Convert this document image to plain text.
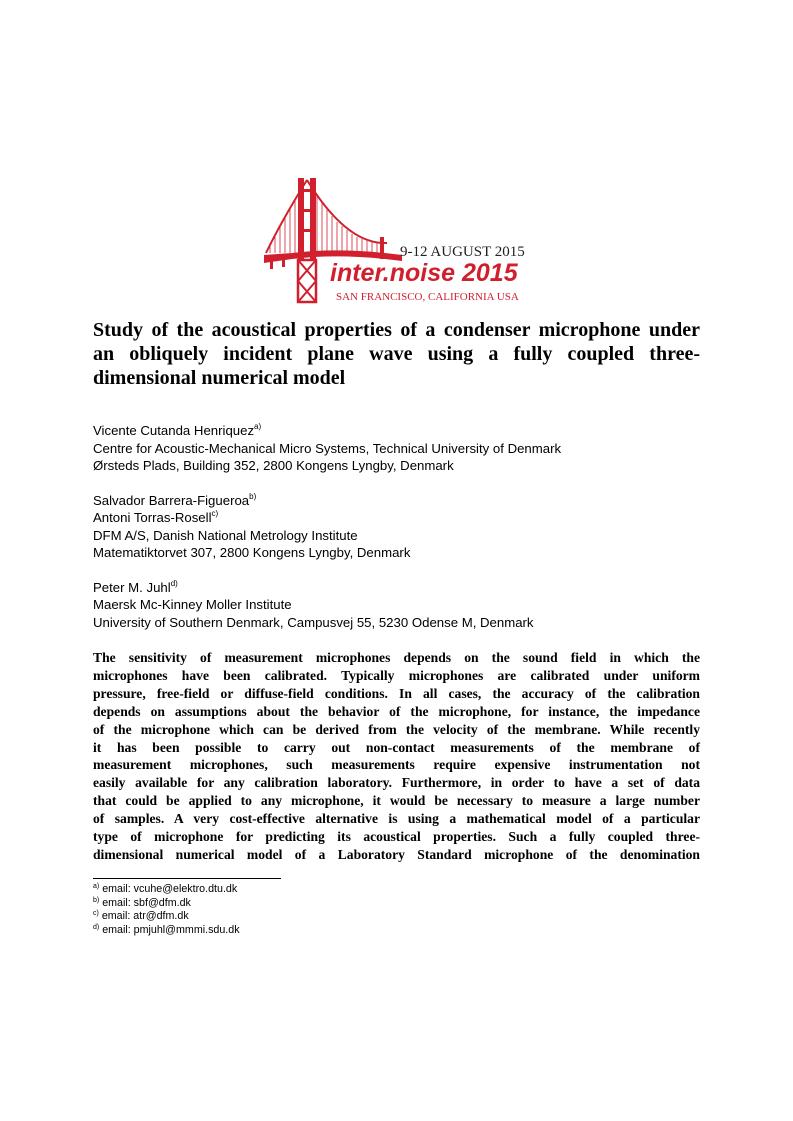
9-12 AUGUST 2015
inter.noise 2015
SAN FRANCISCO, CALIFORNIA USA

Study of the acoustical properties of a condenser microphone under

an obliquely incident plane wave using a fully coupled three-

dimensional numerical model

Vicente Cutanda Henriquez$^{a)}$
Centre for Acoustic-Mechanical Micro Systems, Technical University of Denmark
Ørsteds Plads, Building 352, 2800 Kongens Lyngby, Denmark
Salvador Barrera-Figueroa$^{b)}$
Antoni Torras-Rosell$^{c)}$
DFM A/S, Danish National Metrology Institute
Matematiktorvet 307, 2800 Kongens Lyngby, Denmark
Peter M. Juhl$^{d)}$
Maersk Mc-Kinney Moller Institute
University of Southern Denmark, Campusvej 55, 5230 Odense M, Denmark

The sensitivity of measurement microphones depends on the sound field in which the

microphones have been calibrated. Typically microphones are calibrated under uniform

pressure, free-field or diffuse-field conditions. In all cases, the accuracy of the calibration

depends on assumptions about the behavior of the microphone, for instance, the impedance

of the microphone which can be derived from the velocity of the membrane. While recently

it has been possible to carry out non-contact measurements of the membrane of

measurement microphones, such measurements require expensive instrumentation not

easily available for any calibration laboratory. Furthermore, in order to have a set of data

that could be applied to any microphone, it would be necessary to measure a large number

of samples. A very cost-effective alternative is using a mathematical model of a particular

type of microphone for predicting its acoustical properties. Such a fully coupled three-

dimensional numerical model of a Laboratory Standard microphone of the denomination

$^{a)}$ email: vcuhe@elektro.dtu.dk
$^{b)}$ email: sbf@dfm.dk
$^{c)}$ email: atr@dfm.dk
$^{d)}$ email: pmjuhl@mmmi.sdu.dk
